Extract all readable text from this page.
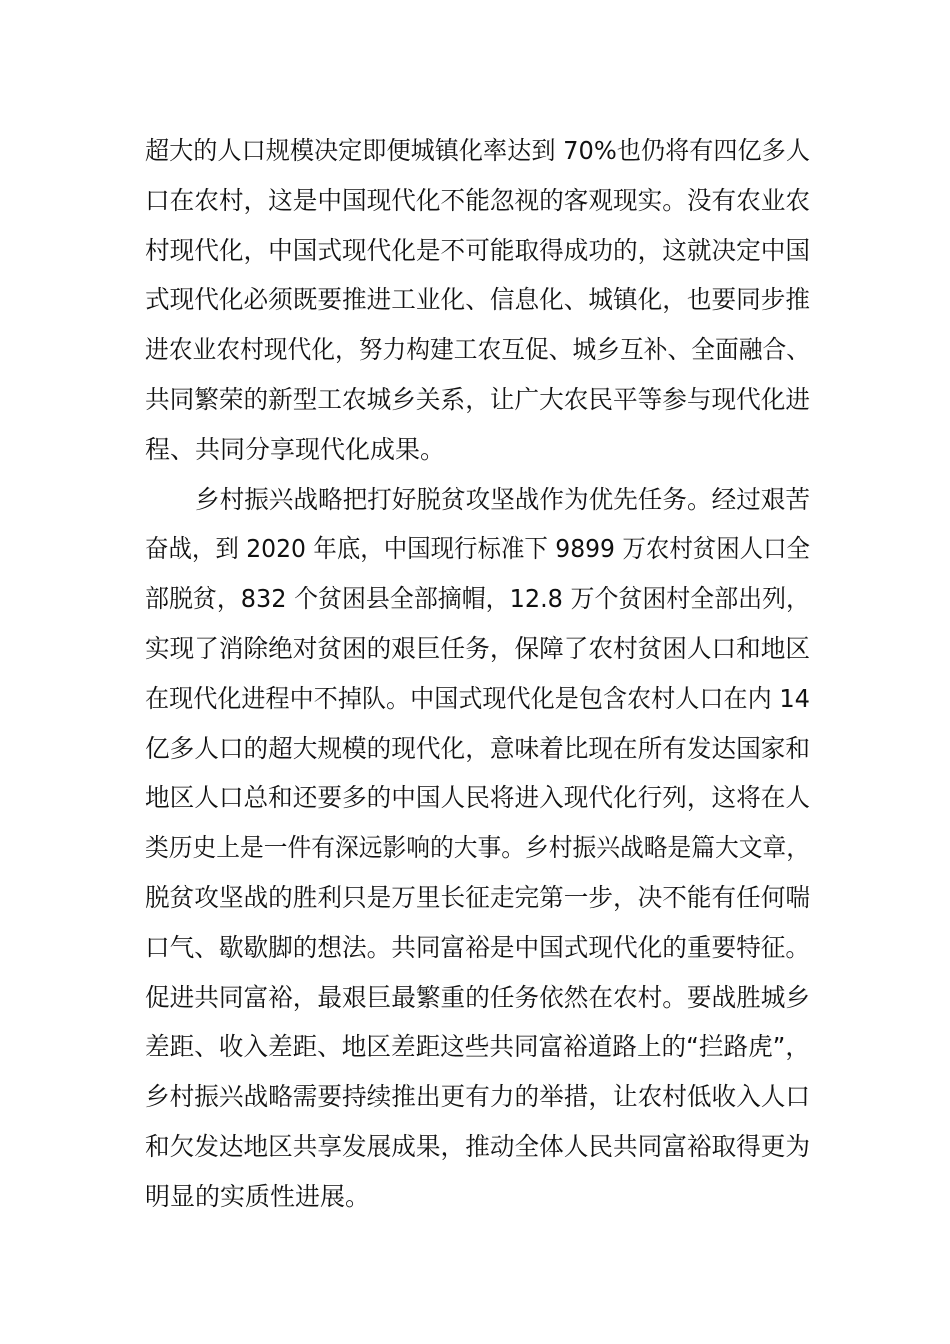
超大的人口规模决定即便城镇化率达到 70%也仍将有四亿多人
口在农村，这是中国现代化不能忽视的客观现实。没有农业农
村现代化，中国式现代化是不可能取得成功的，这就决定中国
式现代化必须既要推进工业化、信息化、城镇化，也要同步推
进农业农村现代化，努力构建工农互促、城乡互补、全面融合、
共同繁荣的新型工农城乡关系，让广大农民平等参与现代化进
程、共同分享现代化成果。

乡村振兴战略把打好脱贫攻坚战作为优先任务。经过艰苦
奋战，到 2020 年底，中国现行标准下 9899 万农村贫困人口全
部脱贫，832 个贫困县全部摘帽，12.8 万个贫困村全部出列，
实现了消除绝对贫困的艰巨任务，保障了农村贫困人口和地区
在现代化进程中不掉队。中国式现代化是包含农村人口在内 14
亿多人口的超大规模的现代化，意味着比现在所有发达国家和
地区人口总和还要多的中国人民将进入现代化行列，这将在人
类历史上是一件有深远影响的大事。乡村振兴战略是篇大文章，
脱贫攻坚战的胜利只是万里长征走完第一步，决不能有任何喘
口气、歇歇脚的想法。共同富裕是中国式现代化的重要特征。
促进共同富裕，最艰巨最繁重的任务依然在农村。要战胜城乡
差距、收入差距、地区差距这些共同富裕道路上的“拦路虎”，
乡村振兴战略需要持续推出更有力的举措，让农村低收入人口
和欠发达地区共享发展成果，推动全体人民共同富裕取得更为
明显的实质性进展。
